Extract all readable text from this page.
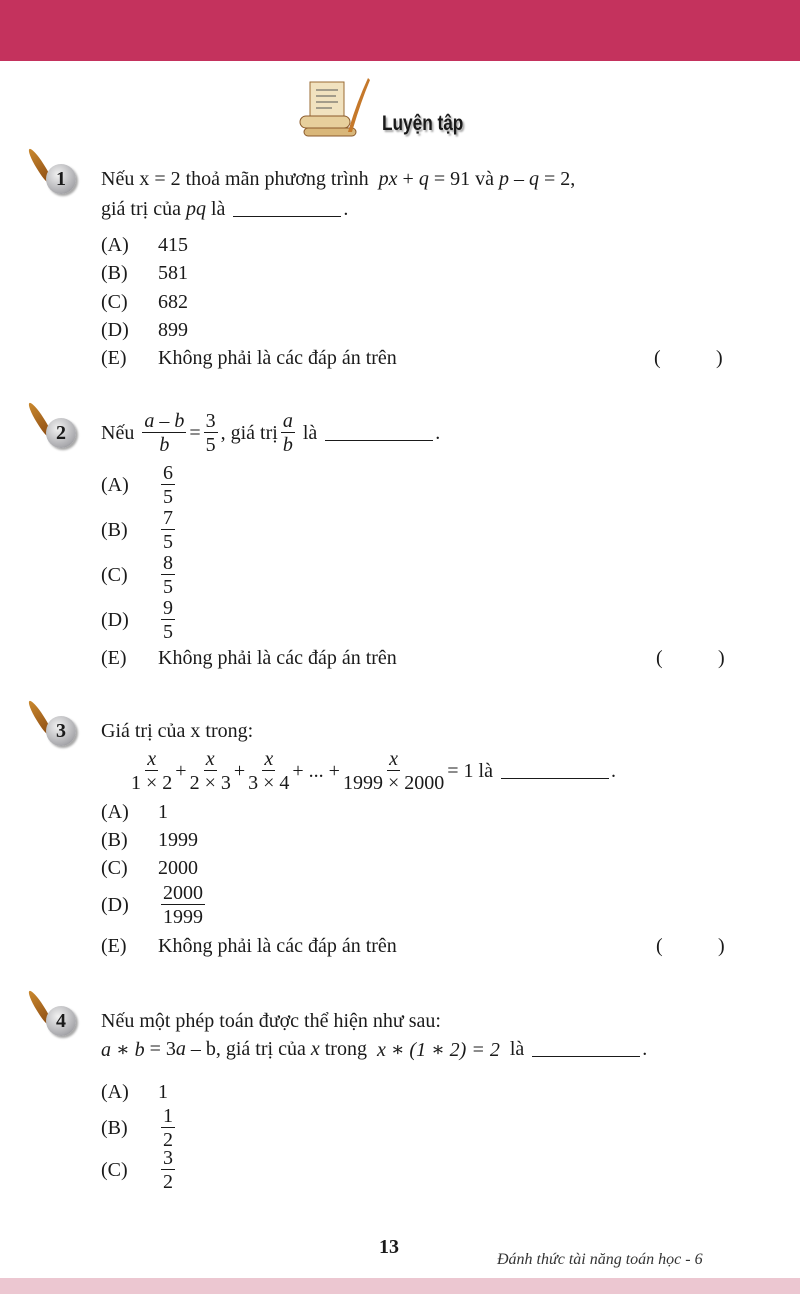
Luyện tập
1	Nếu x = 2 thoả mãn phương trình
px
+
q
= 91 và
p
–
q
= 2,
giá trị của
pq
là	.
(A)	415
(B)	581
(C)	682
(D)	899
(E)	Không phải là các đáp án trên	(	)
2	Nếu
$\frac{a - b}{b} = \frac{3}{5}$ , giá trị $\frac{a}{b}$
là	.
(A)	$\frac{6}{5}$
(B)	$\frac{7}{5}$
(C)	$\frac{8}{5}$
(D)	$\frac{9}{5}$
(E)	Không phải là các đáp án trên	(	)
3	Giá trị của x trong:
$\frac{x}{1 \times 2} + \frac{x}{2 \times 3} + \frac{x}{3 \times 4}$ + ... + $\frac{x}{1999 \times 2000} = 1$ là	.
(A)	1
(B)	1999
(C)	2000
(D)	$\frac{2000}{1999}$
(E)	Không phải là các đáp án trên	(	)
4	Nếu một phép toán được thể hiện như sau:
a ∗ b
= 3 a
– b, giá trị của
x
trong
x ∗ (1 ∗ 2) = 2
là	.
(A)	1
(B)	$\frac{1}{2}$
(C)	$\frac{3}{2}$
13
Đánh thức tài năng toán học - 6
